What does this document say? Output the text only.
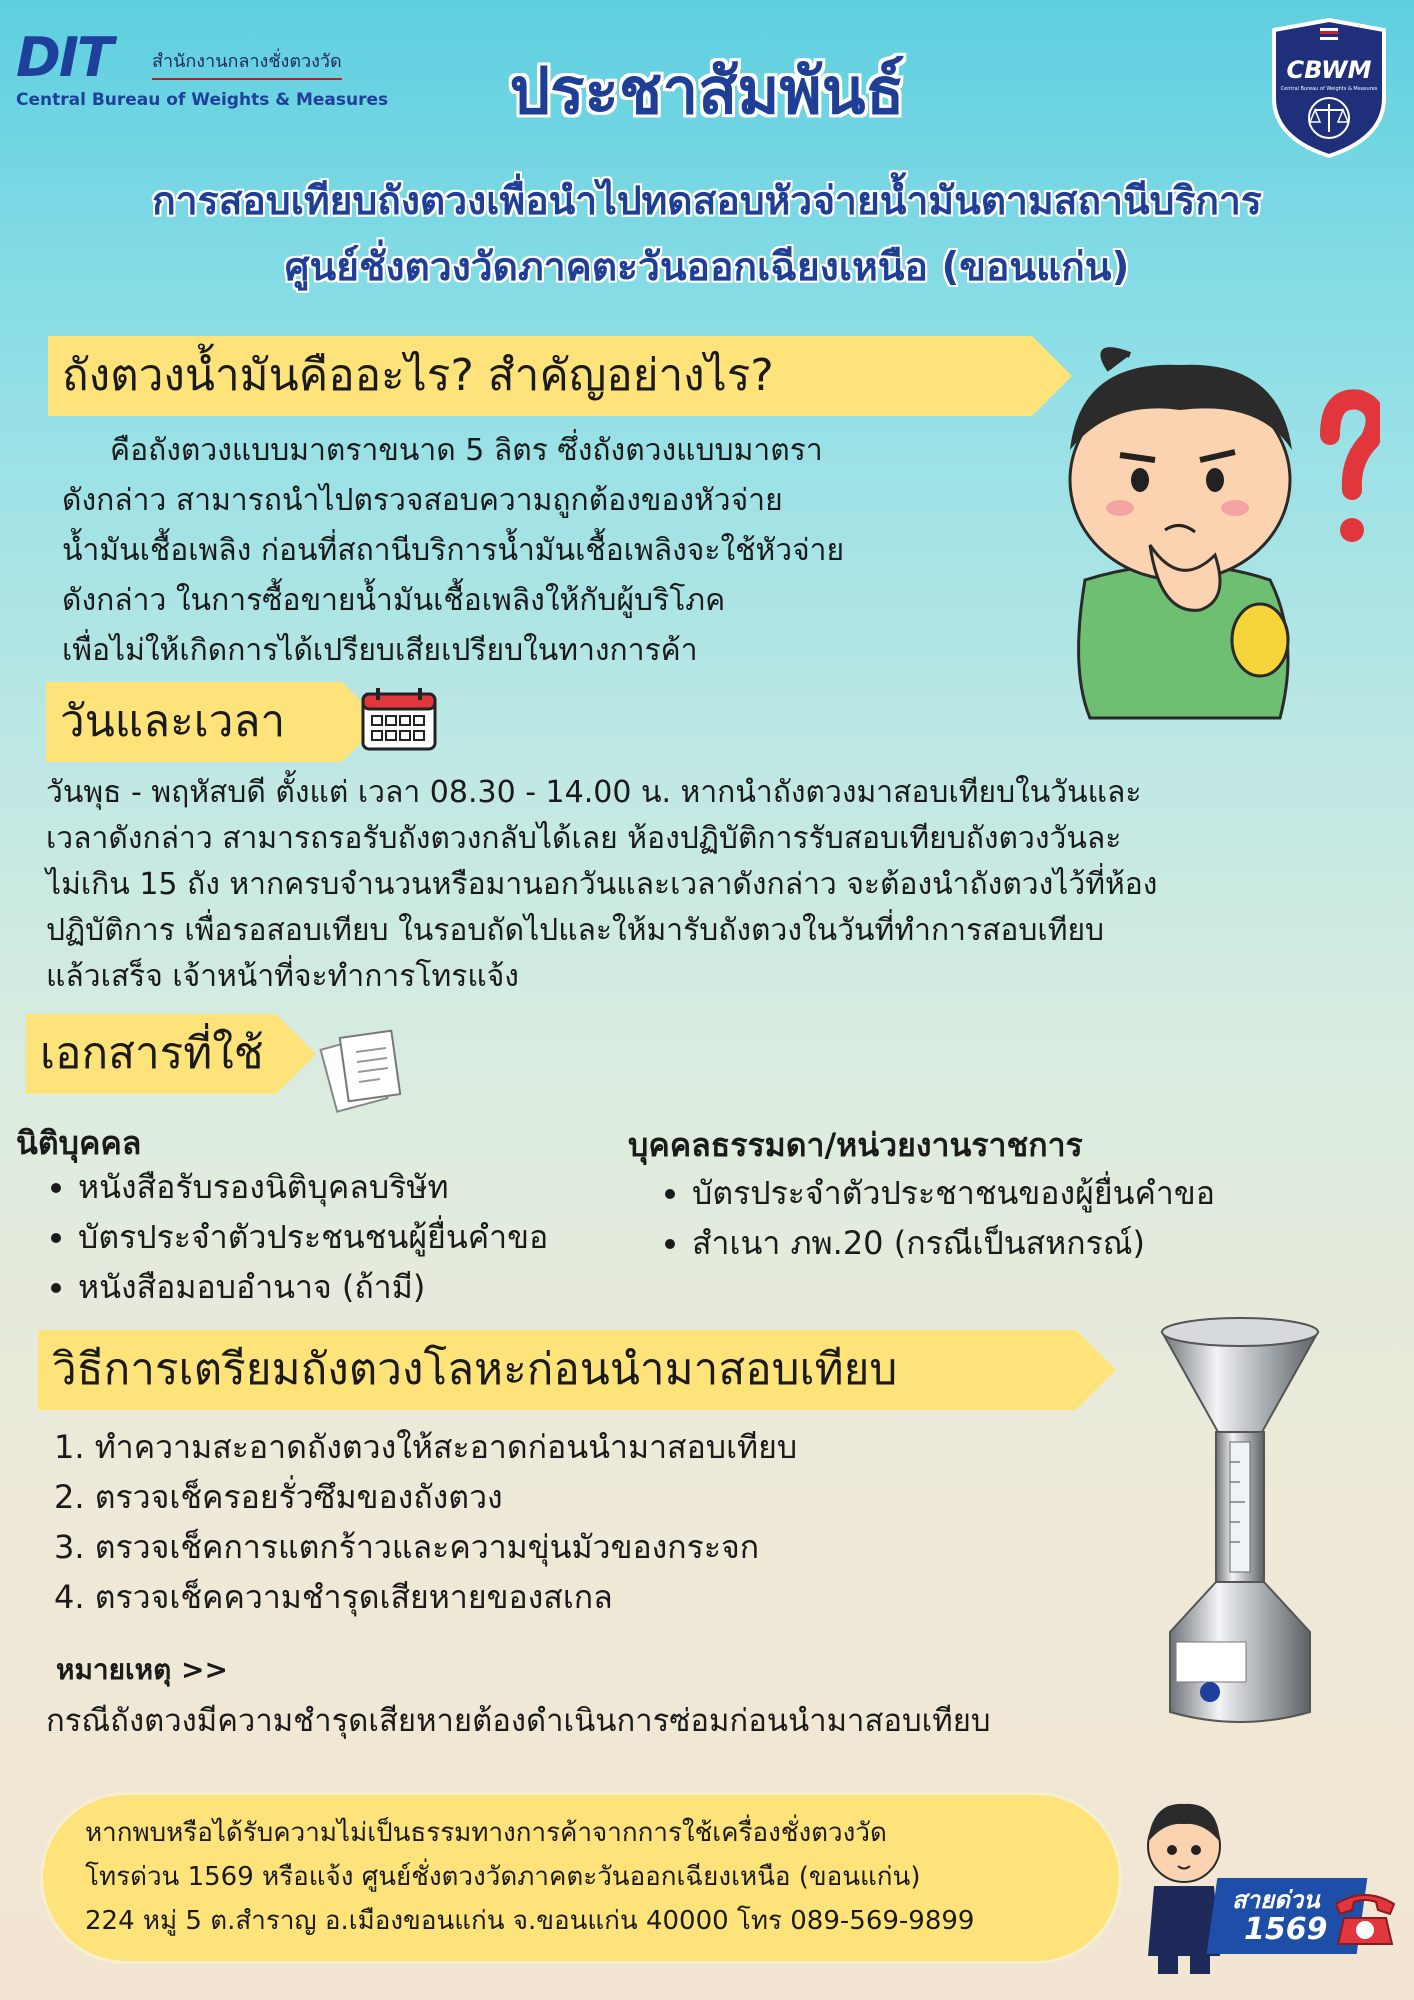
DIT สำนักงานกลางชั่งตวงวัด
Central Bureau of Weights & Measures
CBWM
Central Bureau of Weights & Measures
ประชาสัมพันธ์
การสอบเทียบถังตวงเพื่อนำไปทดสอบหัวจ่ายน้ำมันตามสถานีบริการ
ศูนย์ชั่งตวงวัดภาคตะวันออกเฉียงเหนือ (ขอนแก่น)
ถังตวงน้ำมันคืออะไร? สำคัญอย่างไร?
คือถังตวงแบบมาตราขนาด 5 ลิตร ซึ่งถังตวงแบบมาตรา
ดังกล่าว สามารถนำไปตรวจสอบความถูกต้องของหัวจ่าย
น้ำมันเชื้อเพลิง ก่อนที่สถานีบริการน้ำมันเชื้อเพลิงจะใช้หัวจ่าย
ดังกล่าว ในการซื้อขายน้ำมันเชื้อเพลิงให้กับผู้บริโภค
เพื่อไม่ให้เกิดการได้เปรียบเสียเปรียบในทางการค้า
วันและเวลา
วันพุธ - พฤหัสบดี ตั้งแต่ เวลา 08.30 - 14.00 น. หากนำถังตวงมาสอบเทียบในวันและ
เวลาดังกล่าว สามารถรอรับถังตวงกลับได้เลย ห้องปฏิบัติการรับสอบเทียบถังตวงวันละ
ไม่เกิน 15 ถัง หากครบจำนวนหรือมานอกวันและเวลาดังกล่าว จะต้องนำถังตวงไว้ที่ห้อง
ปฏิบัติการ เพื่อรอสอบเทียบ ในรอบถัดไปและให้มารับถังตวงในวันที่ทำการสอบเทียบ
แล้วเสร็จ เจ้าหน้าที่จะทำการโทรแจ้ง
เอกสารที่ใช้
นิติบุคคล
• หนังสือรับรองนิติบุคลบริษัท
• บัตรประจำตัวประชนชนผู้ยื่นคำขอ
• หนังสือมอบอำนาจ (ถ้ามี)
บุคคลธรรมดา/หน่วยงานราชการ
• บัตรประจำตัวประชาชนของผู้ยื่นคำขอ
• สำเนา ภพ.20 (กรณีเป็นสหกรณ์)
วิธีการเตรียมถังตวงโลหะก่อนนำมาสอบเทียบ
1. ทำความสะอาดถังตวงให้สะอาดก่อนนำมาสอบเทียบ
2. ตรวจเช็ครอยรั่วซึมของถังตวง
3. ตรวจเช็คการแตกร้าวและความขุ่นมัวของกระจก
4. ตรวจเช็คความชำรุดเสียหายของสเกล
หมายเหตุ >>
กรณีถังตวงมีความชำรุดเสียหายต้องดำเนินการซ่อมก่อนนำมาสอบเทียบ
หากพบหรือได้รับความไม่เป็นธรรมทางการค้าจากการใช้เครื่องชั่งตวงวัด
โทรด่วน 1569 หรือแจ้ง ศูนย์ชั่งตวงวัดภาคตะวันออกเฉียงเหนือ (ขอนแก่น)
224 หมู่ 5 ต.สำราญ อ.เมืองขอนแก่น จ.ขอนแก่น 40000 โทร 089-569-9899
สายด่วน
1569
